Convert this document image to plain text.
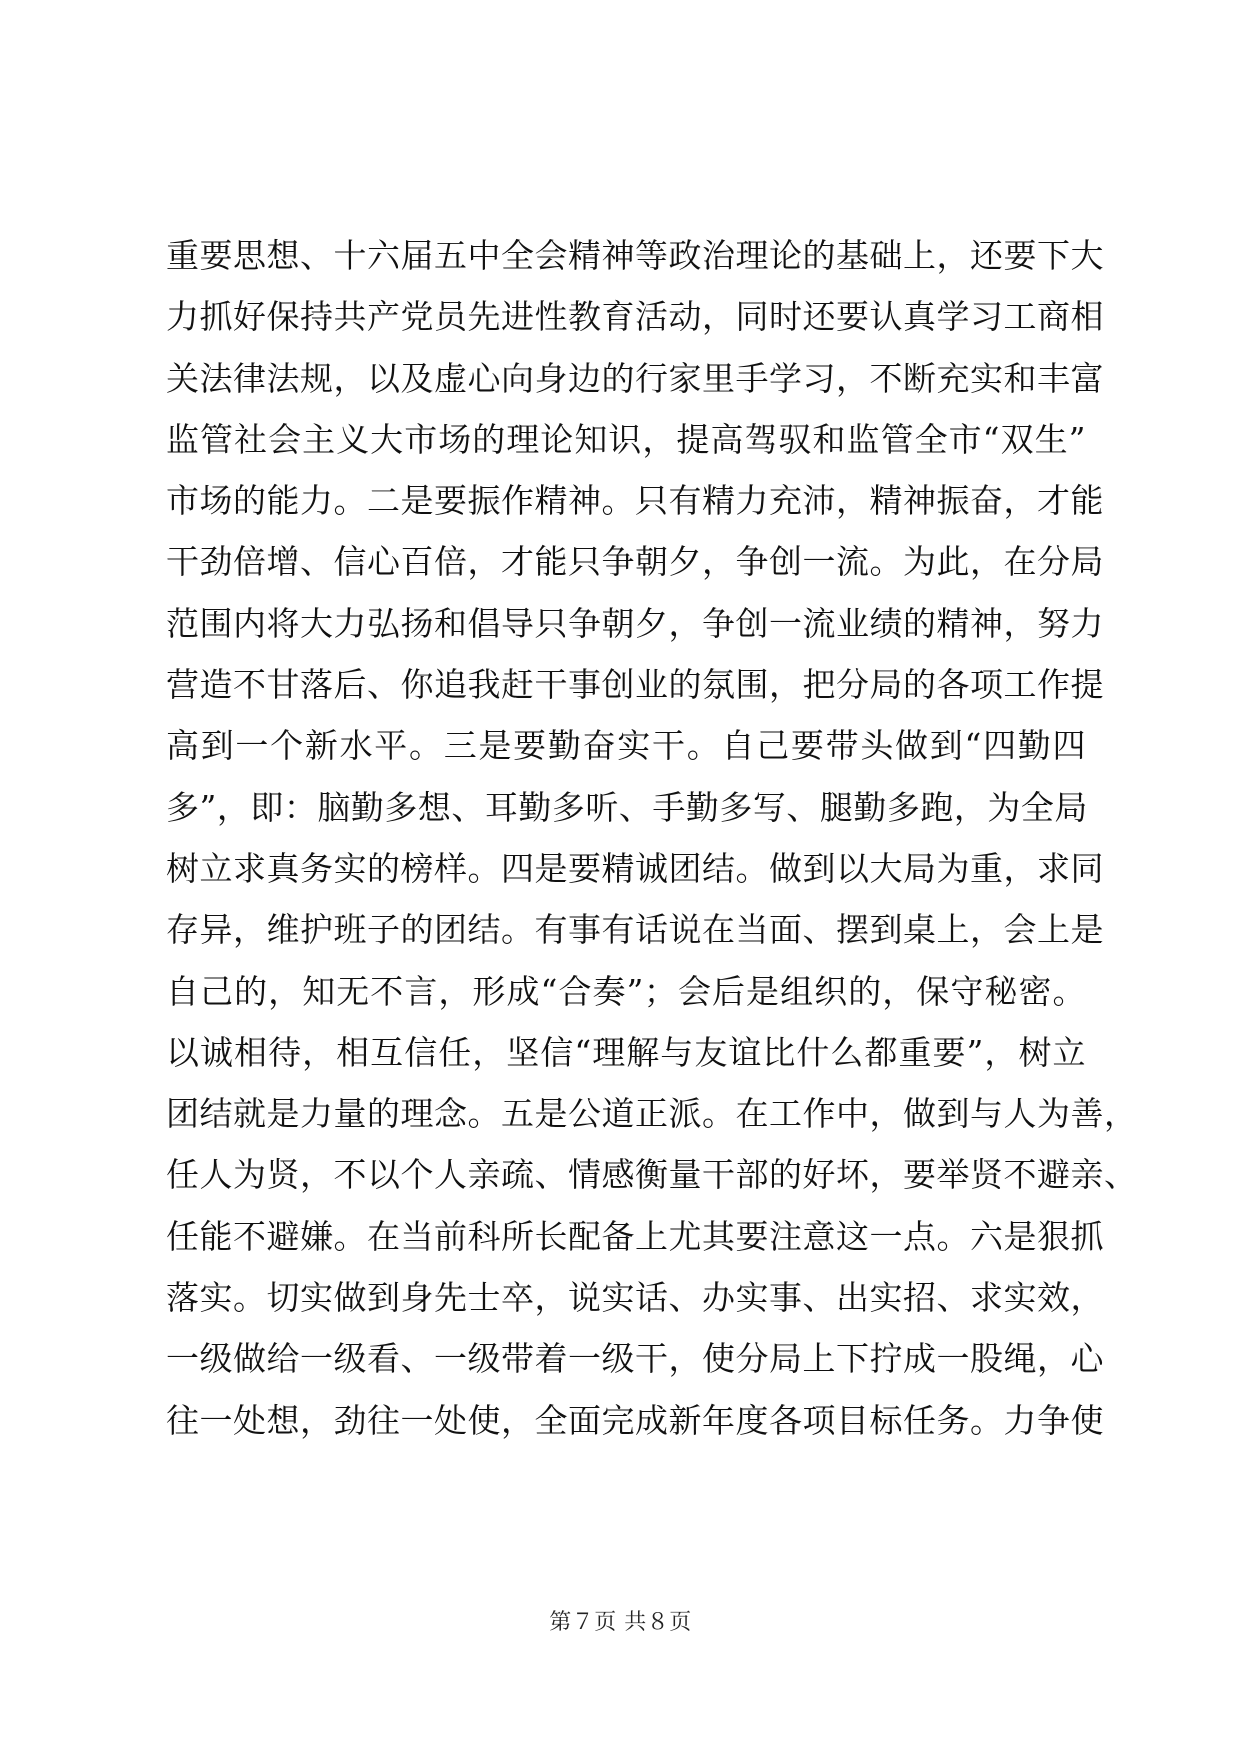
重要思想、十六届五中全会精神等政治理论的基础上，还要下大
力抓好保持共产党员先进性教育活动，同时还要认真学习工商相
关法律法规，以及虚心向身边的行家里手学习，不断充实和丰富
监管社会主义大市场的理论知识，提高驾驭和监管全市“双生”
市场的能力。二是要振作精神。只有精力充沛，精神振奋，才能
干劲倍增、信心百倍，才能只争朝夕，争创一流。为此，在分局
范围内将大力弘扬和倡导只争朝夕，争创一流业绩的精神，努力
营造不甘落后、你追我赶干事创业的氛围，把分局的各项工作提
高到一个新水平。三是要勤奋实干。自己要带头做到“四勤四
多”，即：脑勤多想、耳勤多听、手勤多写、腿勤多跑，为全局
树立求真务实的榜样。四是要精诚团结。做到以大局为重，求同
存异，维护班子的团结。有事有话说在当面、摆到桌上，会上是
自己的，知无不言，形成“合奏”；会后是组织的，保守秘密。
以诚相待，相互信任，坚信“理解与友谊比什么都重要”，树立
团结就是力量的理念。五是公道正派。在工作中，做到与人为善，
任人为贤，不以个人亲疏、情感衡量干部的好坏，要举贤不避亲、
任能不避嫌。在当前科所长配备上尤其要注意这一点。六是狠抓
落实。切实做到身先士卒，说实话、办实事、出实招、求实效，
一级做给一级看、一级带着一级干，使分局上下拧成一股绳，心
往一处想，劲往一处使，全面完成新年度各项目标任务。力争使
第７页 共８页
